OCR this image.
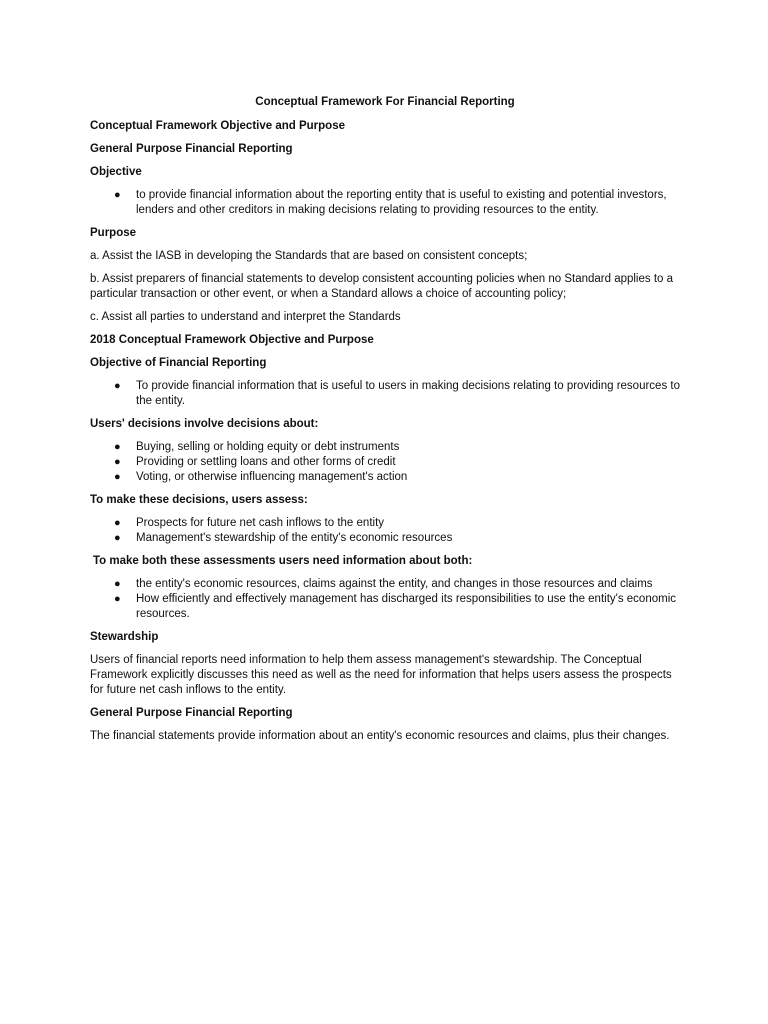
Conceptual Framework For Financial Reporting
Conceptual Framework Objective and Purpose
General Purpose Financial Reporting
Objective
● to provide financial information about the reporting entity that is useful to existing and potential investors, lenders and other creditors in making decisions relating to providing resources to the entity.
Purpose

a. Assist the IASB in developing the Standards that are based on consistent concepts;

b. Assist preparers of financial statements to develop consistent accounting policies when no Standard applies to a particular transaction or other event, or when a Standard allows a choice of accounting policy;

c. Assist all parties to understand and interpret the Standards

2018 Conceptual Framework Objective and Purpose
Objective of Financial Reporting
● To provide financial information that is useful to users in making decisions relating to providing resources to the entity.
Users' decisions involve decisions about:
● Buying, selling or holding equity or debt instruments
● Providing or settling loans and other forms of credit
● Voting, or otherwise influencing management's action
To make these decisions, users assess:
● Prospects for future net cash inflows to the entity
● Management's stewardship of the entity's economic resources
To make both these assessments users need information about both:
● the entity's economic resources, claims against the entity, and changes in those resources and claims
● How efficiently and effectively management has discharged its responsibilities to use the entity's economic resources.
Stewardship

Users of financial reports need information to help them assess management's stewardship. The Conceptual Framework explicitly discusses this need as well as the need for information that helps users assess the prospects for future net cash inflows to the entity.

General Purpose Financial Reporting

The financial statements provide information about an entity's economic resources and claims, plus their changes.
